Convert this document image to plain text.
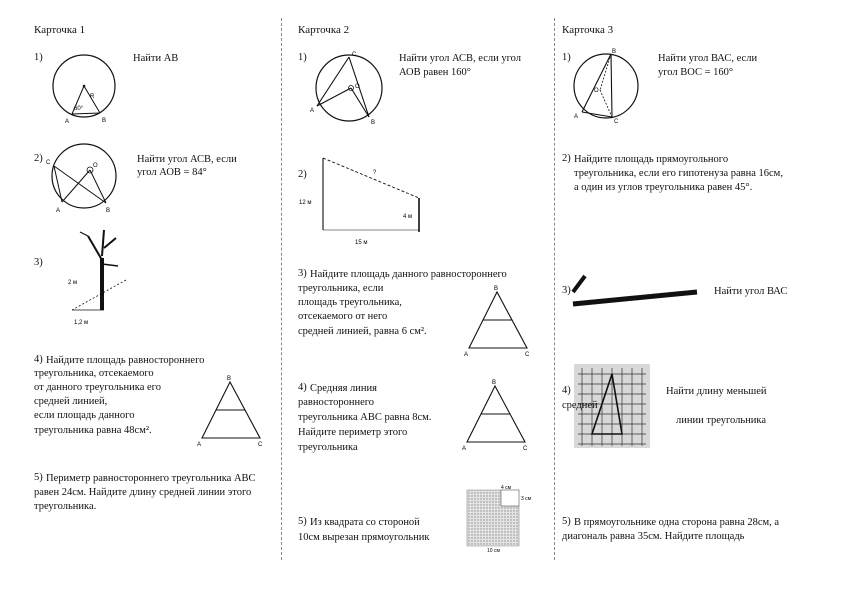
Карточка 1
1)	Найти АВ
60°
R
А	В
2)	Найти угол АСВ, если
угол АОВ = 84°
С	О
А	В
3)
2 м
1,2 м
4) Найдите площадь равностороннего
треугольника, отсекаемого
от данного треугольника его
средней линией,
если площадь данного
треугольника равна 48см².
В
А	С
5) Периметр равностороннего треугольника АВС
равен 24см. Найдите длину средней линии этого
треугольника.
Карточка 2
1)	Найти угол АСВ, если угол
АОВ равен 160°
С
О
А
В
2)	?
12 м
4 м
15 м
3) Найдите площадь данного равностороннего
треугольника, если
площадь треугольника,
отсекаемого от него
средней линией, равна 6 см².
В
А	С
4) Средняя линия
равностороннего
треугольника АВС равна 8см.
Найдите периметр этого
треугольника
В
А	С
5) Из квадрата со стороной
10см вырезан прямоугольник
4 см
3 см
10 см
Карточка 3
1)	Найти угол ВАС, если
угол ВОС = 160°
В
О
А
С
2) Найдите площадь прямоугольного
треугольника, если его гипотенуза равна 16см,
а один из углов треугольника равен 45°.
3)	Найти угол ВАС
4)	Найти длину меньшей
средней
линии треугольника
5) В прямоугольнике одна сторона равна 28см, а
диагональ равна 35см. Найдите площадь
